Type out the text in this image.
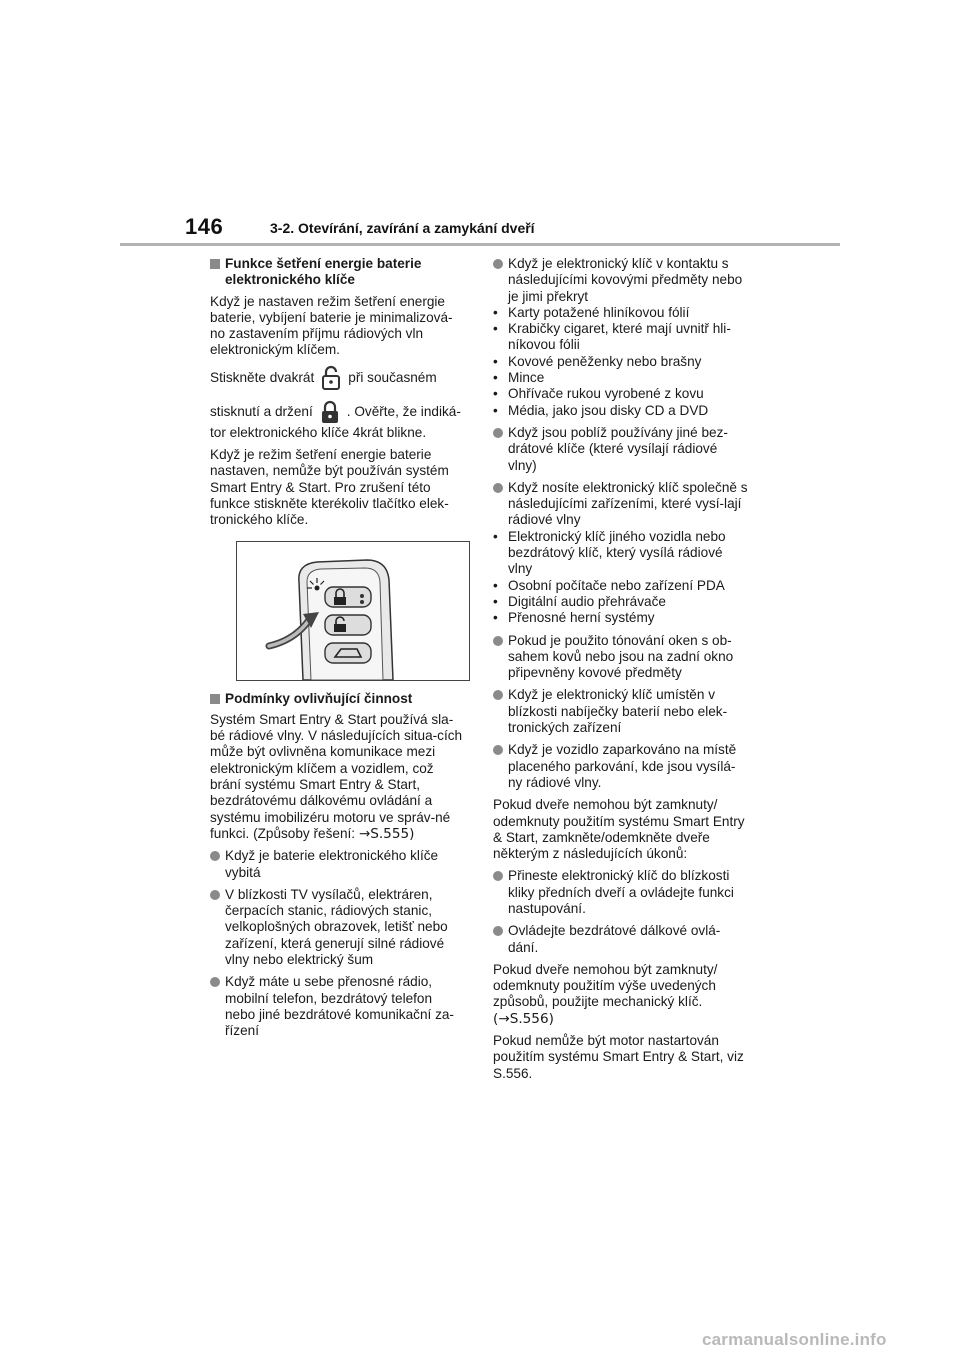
146	3-2. Otevírání, zavírání a zamykání dveří
Funkce šetření energie baterie elektronického klíče

Když je nastaven režim šetření energie baterie, vybíjení baterie je minimalizová-no zastavením příjmu rádiových vln elektronickým klíčem.

Stiskněte dvakrát	při současném
stisknutí a držení	. Ověřte, že indiká-

tor elektronického klíče 4krát blikne.

Když je režim šetření energie baterie nastaven, nemůže být používán systém Smart Entry & Start. Pro zrušení této funkce stiskněte kterékoliv tlačítko elek-tronického klíče.

Podmínky ovlivňující činnost

Systém Smart Entry & Start používá sla-bé rádiové vlny. V následujících situa-cích může být ovlivněna komunikace mezi elektronickým klíčem a vozidlem, což brání systému Smart Entry & Start, bezdrátovému dálkovému ovládání a systému imobilizéru motoru ve správ-né funkci. (Způsoby řešení: →S.555)

Když je baterie elektronického klíče vybitá
V blízkosti TV vysílačů, elektráren, čerpacích stanic, rádiových stanic, velkoplošných obrazovek, letišť nebo zařízení, která generují silné rádiové vlny nebo elektrický šum
Když máte u sebe přenosné rádio, mobilní telefon, bezdrátový telefon nebo jiné bezdrátové komunikační za-řízení
Když je elektronický klíč v kontaktu s následujícími kovovými předměty nebo je jimi překryt
• Karty potažené hliníkovou fólií
• Krabičky cigaret, které mají uvnitř hli-níkovou fólii
• Kovové peněženky nebo brašny
• Mince
• Ohřívače rukou vyrobené z kovu
• Média, jako jsou disky CD a DVD
Když jsou poblíž používány jiné bez-drátové klíče (které vysílají rádiové vlny)
Když nosíte elektronický klíč společně s následujícími zařízeními, které vysí-lají rádiové vlny
• Elektronický klíč jiného vozidla nebo bezdrátový klíč, který vysílá rádiové vlny
• Osobní počítače nebo zařízení PDA
• Digitální audio přehrávače
• Přenosné herní systémy
Pokud je použito tónování oken s ob-sahem kovů nebo jsou na zadní okno připevněny kovové předměty
Když je elektronický klíč umístěn v blízkosti nabíječky baterií nebo elek-tronických zařízení
Když je vozidlo zaparkováno na místě placeného parkování, kde jsou vysílá-ny rádiové vlny.

Pokud dveře nemohou být zamknuty/ odemknuty použitím systému Smart Entry & Start, zamkněte/odemkněte dveře některým z následujících úkonů:

Přineste elektronický klíč do blízkosti kliky předních dveří a ovládejte funkci nastupování.
Ovládejte bezdrátové dálkové ovlá-dání.

Pokud dveře nemohou být zamknuty/ odemknuty použitím výše uvedených způsobů, použijte mechanický klíč.
(→S.556)

Pokud nemůže být motor nastartován použitím systému Smart Entry & Start, viz S.556.

carmanualsonline.info
